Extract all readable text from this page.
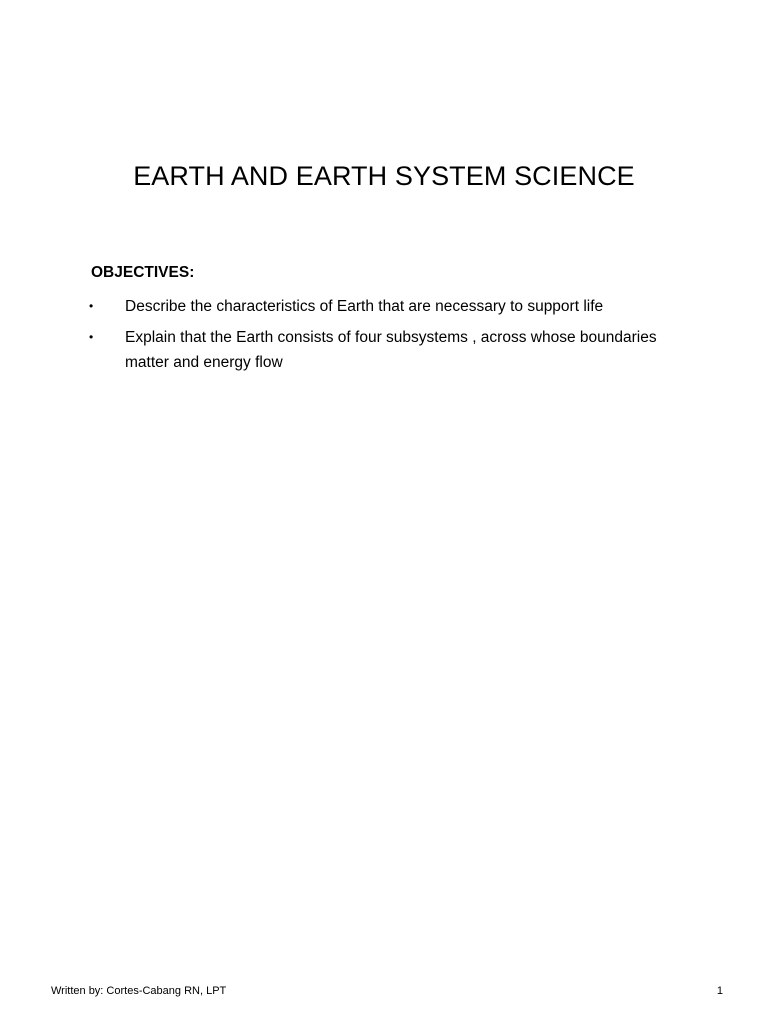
EARTH AND EARTH SYSTEM SCIENCE

OBJECTIVES:

• Describe the characteristics of Earth that are necessary to support life
• Explain that the Earth consists of four subsystems , across whose boundaries matter and energy flow
Written by: Cortes-Cabang RN, LPT	1
